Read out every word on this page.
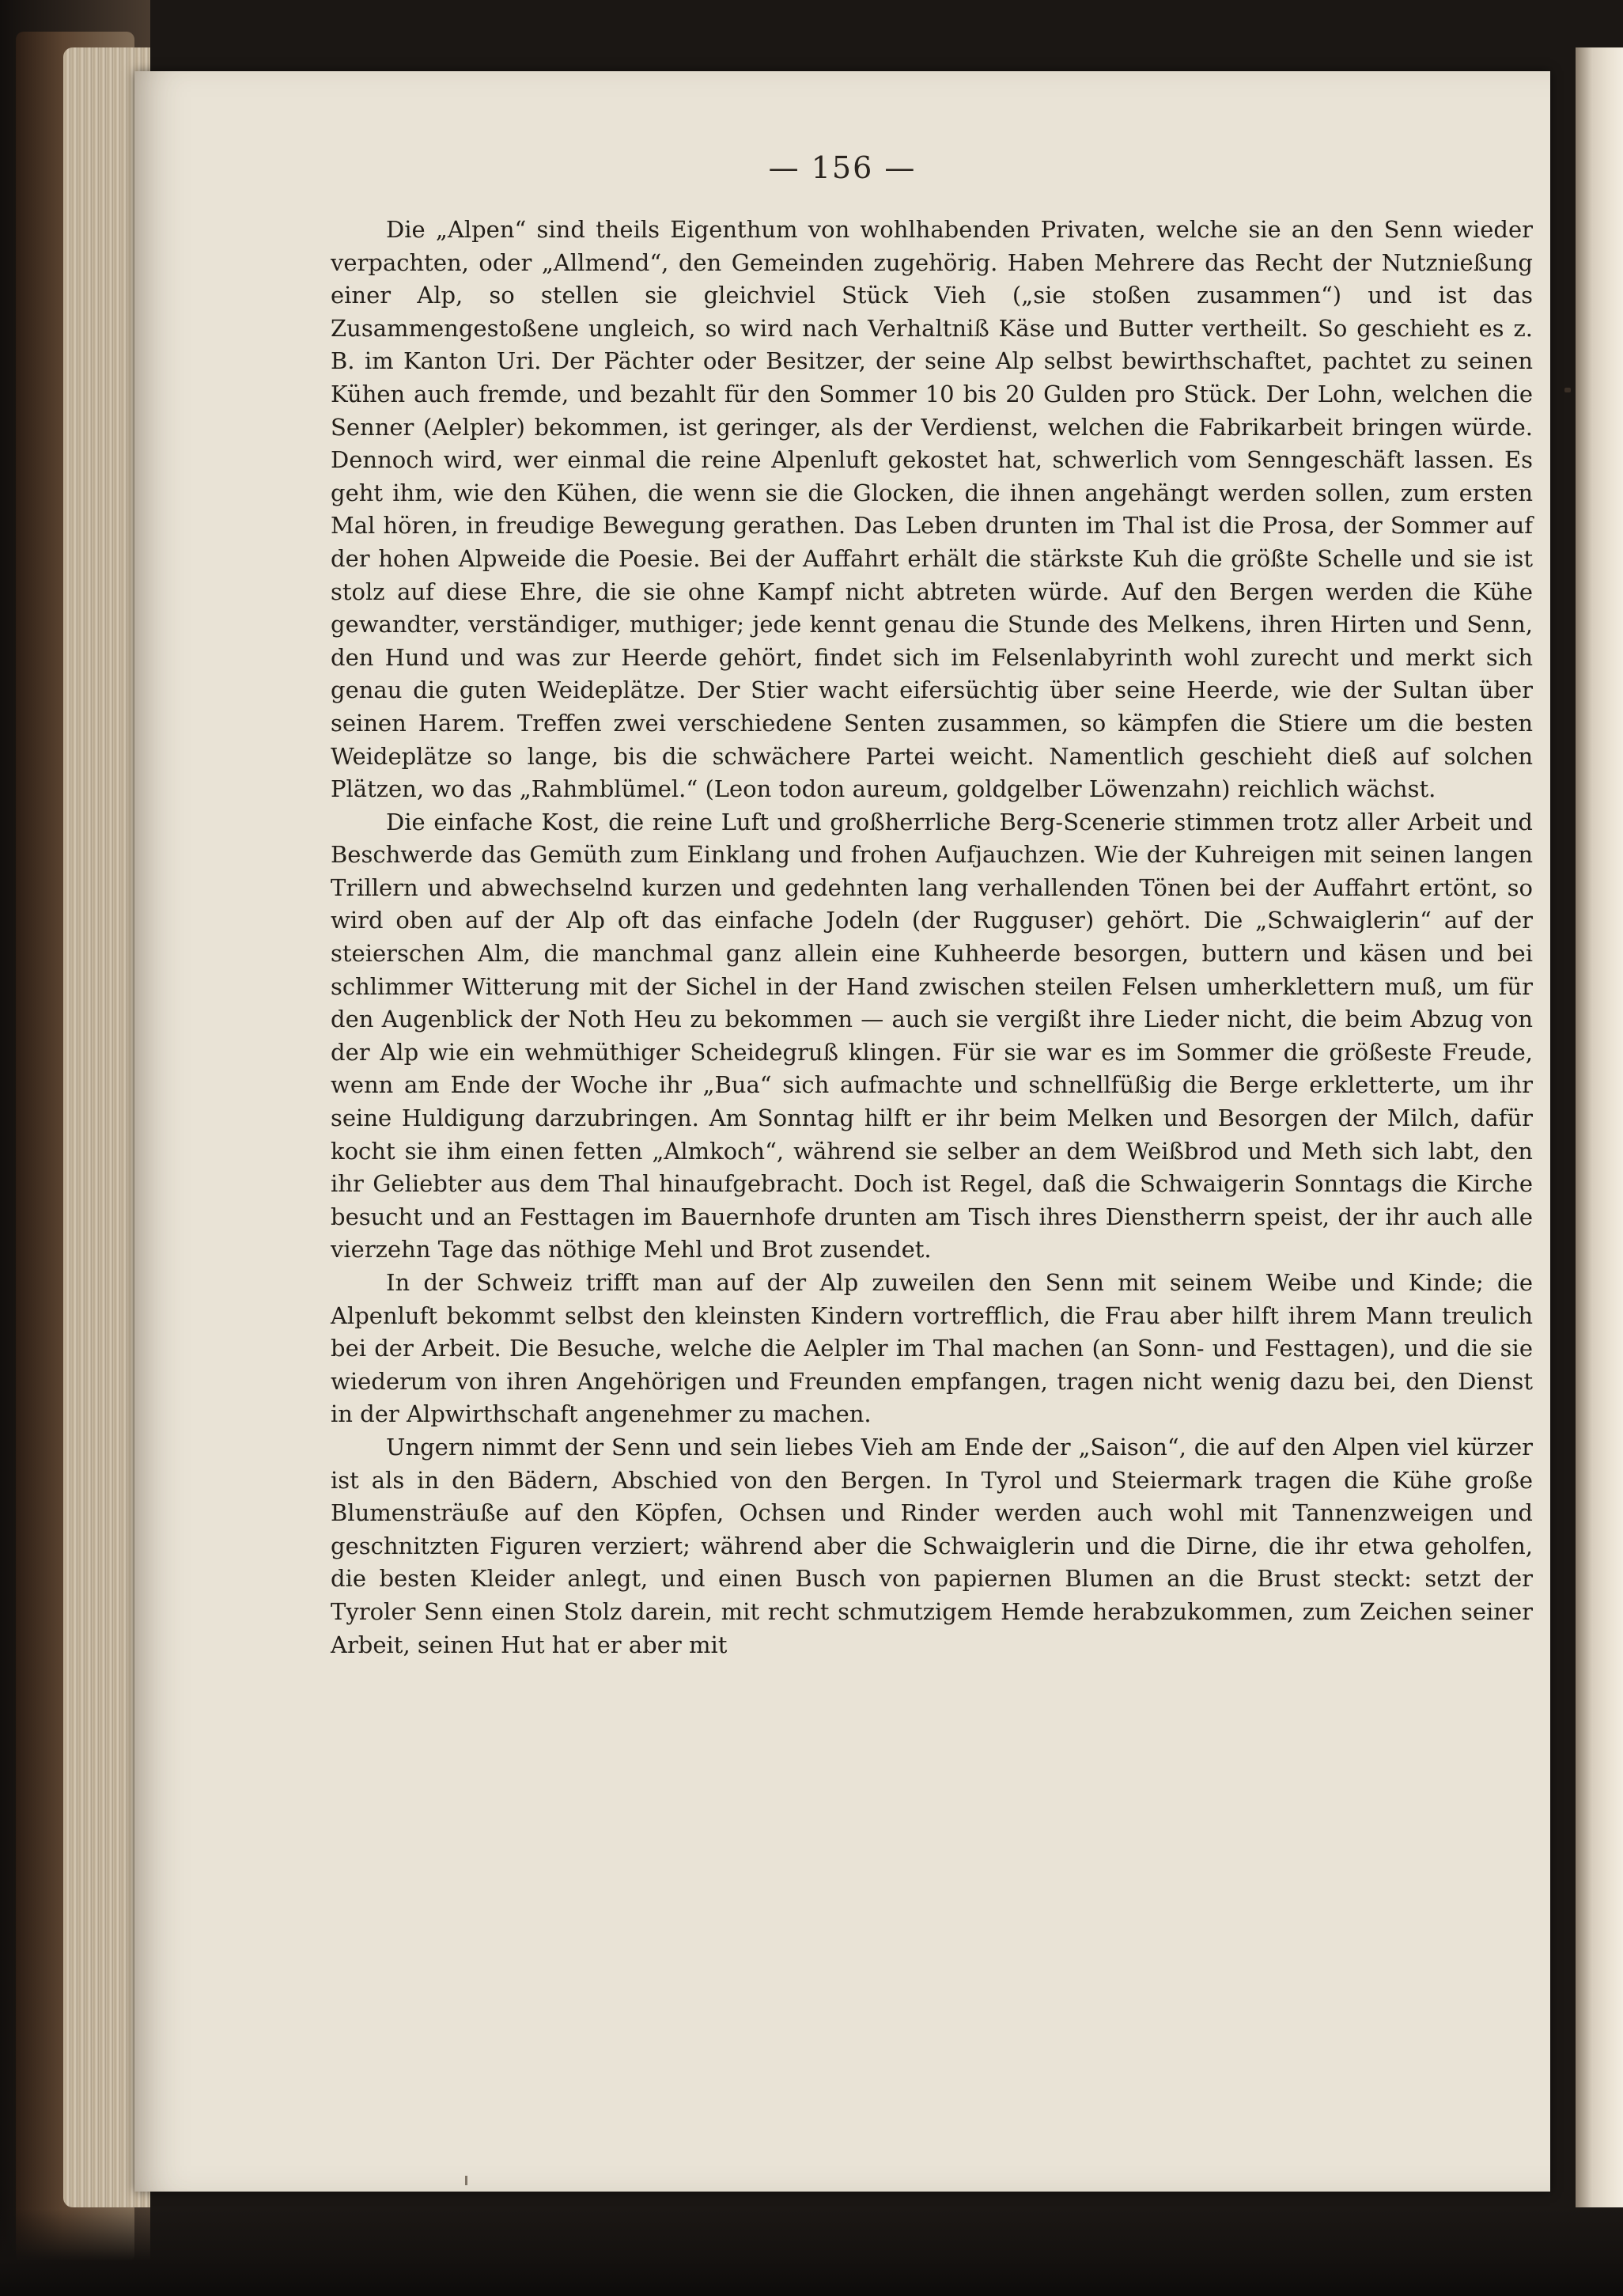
— 156 —

Die „Alpen“ sind theils Eigenthum von wohlhabenden Privaten, welche sie an den Senn wieder verpachten, oder „Allmend“, den Gemeinden zugehörig. Haben Mehrere das Recht der Nutznießung einer Alp, so stellen sie gleichviel Stück Vieh („sie stoßen zusammen“) und ist das Zusammengestoßene ungleich, so wird nach Verhaltniß Käse und Butter vertheilt. So geschieht es z. B. im Kanton Uri. Der Pächter oder Besitzer, der seine Alp selbst bewirthschaftet, pachtet zu seinen Kühen auch fremde, und bezahlt für den Sommer 10 bis 20 Gulden pro Stück. Der Lohn, welchen die Senner (Aelpler) bekommen, ist geringer, als der Verdienst, welchen die Fabrikarbeit bringen würde. Dennoch wird, wer einmal die reine Alpenluft gekostet hat, schwerlich vom Senngeschäft lassen. Es geht ihm, wie den Kühen, die wenn sie die Glocken, die ihnen angehängt werden sollen, zum ersten Mal hören, in freudige Bewegung gerathen. Das Leben drunten im Thal ist die Prosa, der Sommer auf der hohen Alpweide die Poesie. Bei der Auffahrt erhält die stärkste Kuh die größte Schelle und sie ist stolz auf diese Ehre, die sie ohne Kampf nicht abtreten würde. Auf den Bergen werden die Kühe gewandter, verständiger, muthiger; jede kennt genau die Stunde des Melkens, ihren Hirten und Senn, den Hund und was zur Heerde gehört, findet sich im Felsenlabyrinth wohl zurecht und merkt sich genau die guten Weideplätze. Der Stier wacht eifersüchtig über seine Heerde, wie der Sultan über seinen Harem. Treffen zwei verschiedene Senten zusammen, so kämpfen die Stiere um die besten Weideplätze so lange, bis die schwächere Partei weicht. Namentlich geschieht dieß auf solchen Plätzen, wo das „Rahmblümel.“ (Leon todon aureum, goldgelber Löwenzahn) reichlich wächst.

Die einfache Kost, die reine Luft und großherrliche Berg-Scenerie stimmen trotz aller Arbeit und Beschwerde das Gemüth zum Einklang und frohen Aufjauchzen. Wie der Kuhreigen mit seinen langen Trillern und abwechselnd kurzen und gedehnten lang verhallenden Tönen bei der Auffahrt ertönt, so wird oben auf der Alp oft das einfache Jodeln (der Rugguser) gehört. Die „Schwaiglerin“ auf der steierschen Alm, die manchmal ganz allein eine Kuhheerde besorgen, buttern und käsen und bei schlimmer Witterung mit der Sichel in der Hand zwischen steilen Felsen umherklettern muß, um für den Augenblick der Noth Heu zu bekommen — auch sie vergißt ihre Lieder nicht, die beim Abzug von der Alp wie ein wehmüthiger Scheidegruß klingen. Für sie war es im Sommer die größeste Freude, wenn am Ende der Woche ihr „Bua“ sich aufmachte und schnellfüßig die Berge erkletterte, um ihr seine Huldigung darzubringen. Am Sonntag hilft er ihr beim Melken und Besorgen der Milch, dafür kocht sie ihm einen fetten „Almkoch“, während sie selber an dem Weißbrod und Meth sich labt, den ihr Geliebter aus dem Thal hinaufgebracht. Doch ist Regel, daß die Schwaigerin Sonntags die Kirche besucht und an Festtagen im Bauernhofe drunten am Tisch ihres Dienstherrn speist, der ihr auch alle vierzehn Tage das nöthige Mehl und Brot zusendet.

In der Schweiz trifft man auf der Alp zuweilen den Senn mit seinem Weibe und Kinde; die Alpenluft bekommt selbst den kleinsten Kindern vortrefflich, die Frau aber hilft ihrem Mann treulich bei der Arbeit. Die Besuche, welche die Aelpler im Thal machen (an Sonn- und Festtagen), und die sie wiederum von ihren Angehörigen und Freunden empfangen, tragen nicht wenig dazu bei, den Dienst in der Alpwirthschaft angenehmer zu machen.

Ungern nimmt der Senn und sein liebes Vieh am Ende der „Saison“, die auf den Alpen viel kürzer ist als in den Bädern, Abschied von den Bergen. In Tyrol und Steiermark tragen die Kühe große Blumensträuße auf den Köpfen, Ochsen und Rinder werden auch wohl mit Tannenzweigen und geschnitzten Figuren verziert; während aber die Schwaiglerin und die Dirne, die ihr etwa geholfen, die besten Kleider anlegt, und einen Busch von papiernen Blumen an die Brust steckt: setzt der Tyroler Senn einen Stolz darein, mit recht schmutzigem Hemde herabzukommen, zum Zeichen seiner Arbeit, seinen Hut hat er aber mit
